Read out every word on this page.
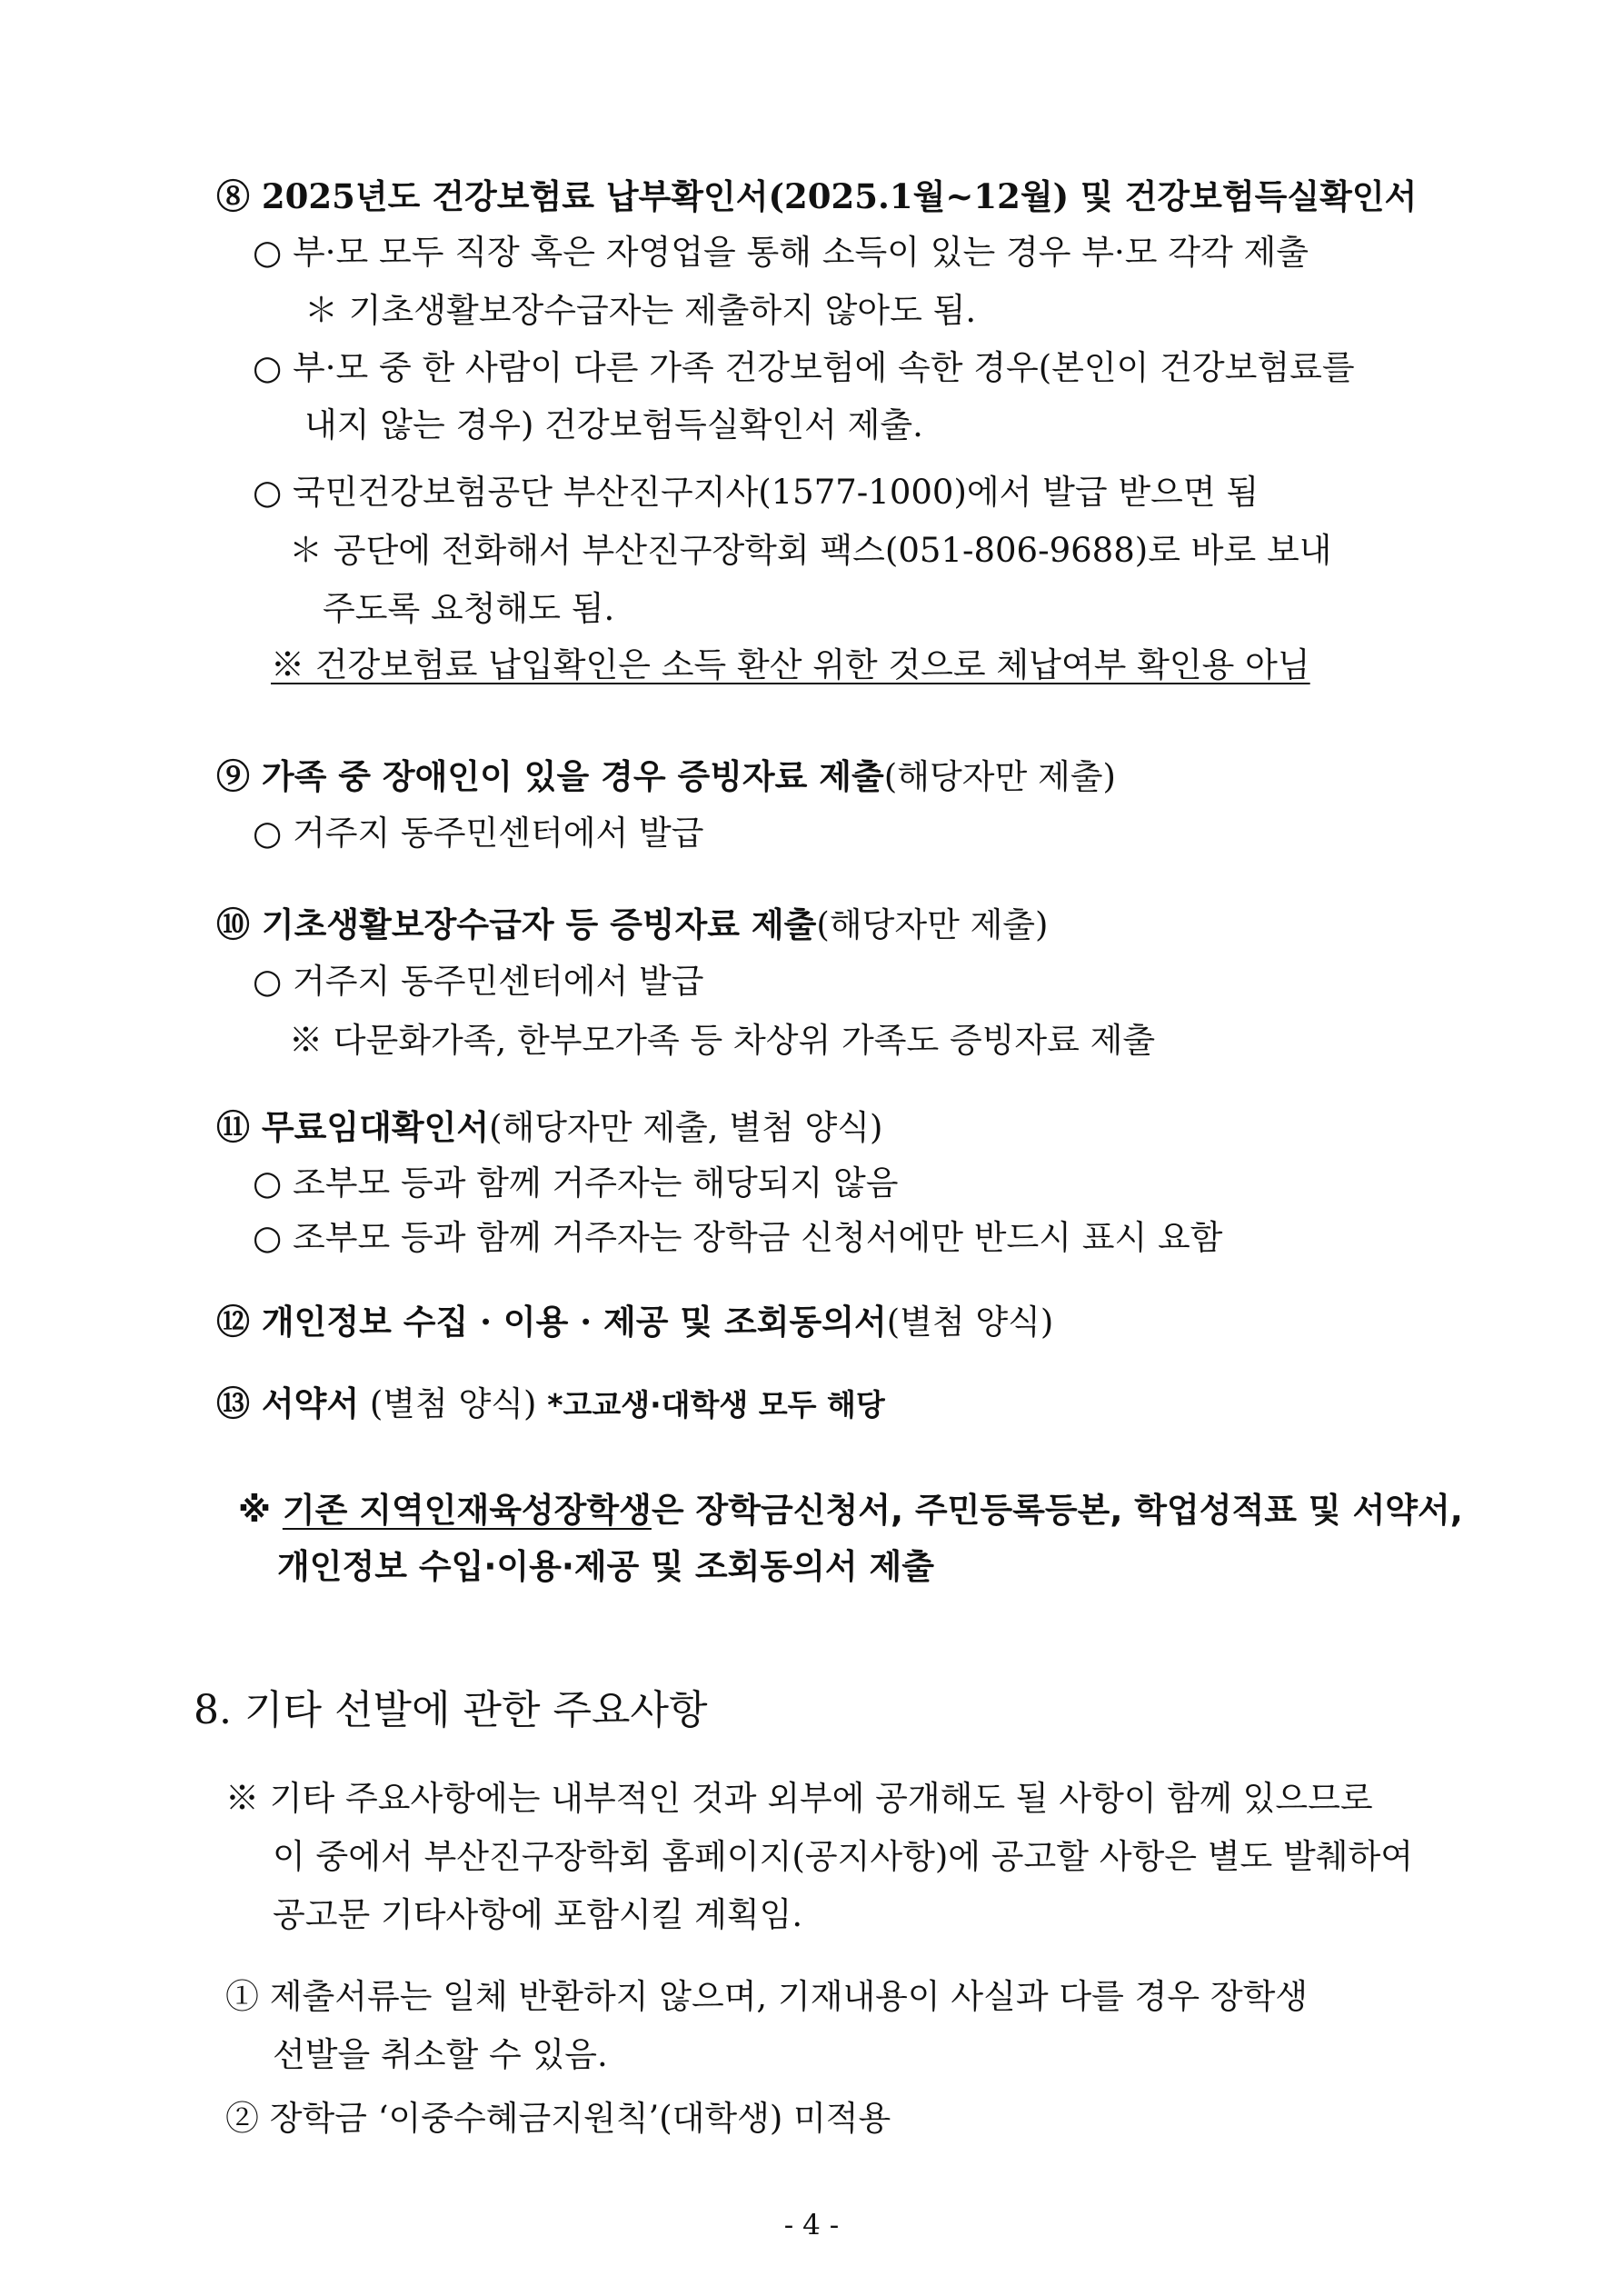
⑧ 2025년도 건강보험료 납부확인서(2025.1월~12월) 및 건강보험득실확인서
○ 부·모 모두 직장 혹은 자영업을 통해 소득이 있는 경우 부·모 각각 제출
＊ 기초생활보장수급자는 제출하지 않아도 됨.
○ 부·모 중 한 사람이 다른 가족 건강보험에 속한 경우(본인이 건강보험료를
내지 않는 경우) 건강보험득실확인서 제출.
○ 국민건강보험공단 부산진구지사(1577-1000)에서 발급 받으면 됨
＊ 공단에 전화해서 부산진구장학회 팩스(051-806-9688)로 바로 보내
주도록 요청해도 됨.
※ 건강보험료 납입확인은 소득 환산 위한 것으로 체납여부 확인용 아님
⑨ 가족 중 장애인이 있을 경우 증빙자료 제출(해당자만 제출)
○ 거주지 동주민센터에서 발급
⑩ 기초생활보장수급자 등 증빙자료 제출(해당자만 제출)
○ 거주지 동주민센터에서 발급
※ 다문화가족, 한부모가족 등 차상위 가족도 증빙자료 제출
⑪ 무료임대확인서(해당자만 제출, 별첨 양식)
○ 조부모 등과 함께 거주자는 해당되지 않음
○ 조부모 등과 함께 거주자는 장학금 신청서에만 반드시 표시 요함
⑫ 개인정보 수집 · 이용 · 제공 및 조회동의서(별첨 양식)
⑬ 서약서 (별첨 양식) *고교생·대학생 모두 해당
※ 기존 지역인재육성장학생은 장학금신청서, 주민등록등본, 학업성적표 및 서약서,
개인정보 수입·이용·제공 및 조회동의서 제출
8. 기타 선발에 관한 주요사항
※ 기타 주요사항에는 내부적인 것과 외부에 공개해도 될 사항이 함께 있으므로
이 중에서 부산진구장학회 홈페이지(공지사항)에 공고할 사항은 별도 발췌하여
공고문 기타사항에 포함시킬 계획임.
① 제출서류는 일체 반환하지 않으며, 기재내용이 사실과 다를 경우 장학생
선발을 취소할 수 있음.
② 장학금 ‘이중수혜금지원칙’(대학생) 미적용
- 4 -
